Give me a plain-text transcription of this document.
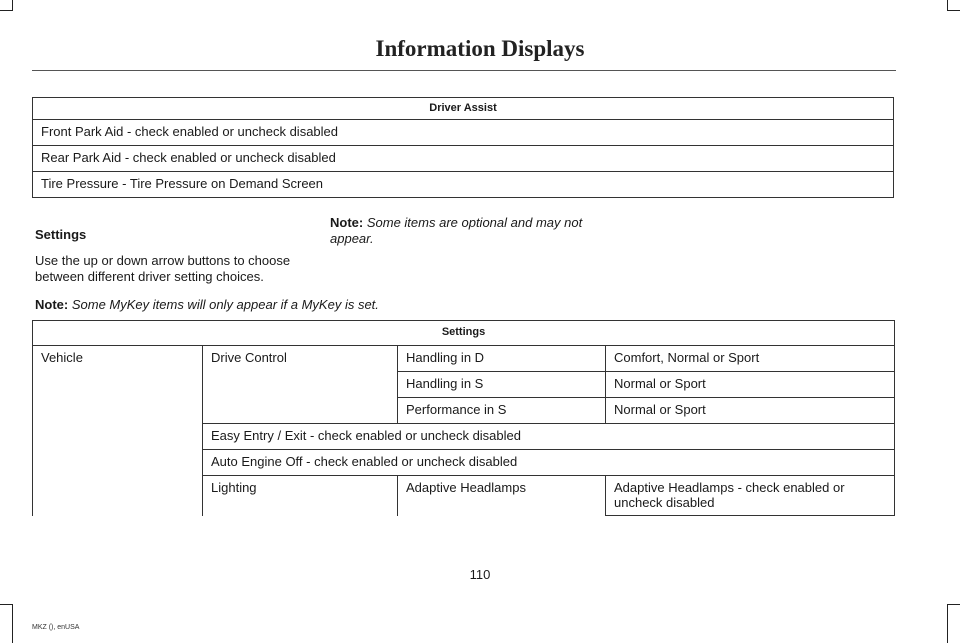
Information Displays
Driver Assist
Front Park Aid - check enabled or uncheck disabled
Rear Park Aid - check enabled or uncheck disabled
Tire Pressure - Tire Pressure on Demand Screen
Settings
Use the up or down arrow buttons to choose between different driver setting choices.
Note: Some items are optional and may not appear.
Note: Some MyKey items will only appear if a MyKey is set.
Settings			
Vehicle	Drive Control	Handling in D	Comfort, Normal or Sport
		Handling in S	Normal or Sport
		Performance in S	Normal or Sport
	Easy Entry / Exit - check enabled or uncheck disabled		
	Auto Engine Off - check enabled or uncheck disabled		
	Lighting	Adaptive Headlamps	Adaptive Headlamps - check enabled or uncheck disabled
110
MKZ (), enUSA
